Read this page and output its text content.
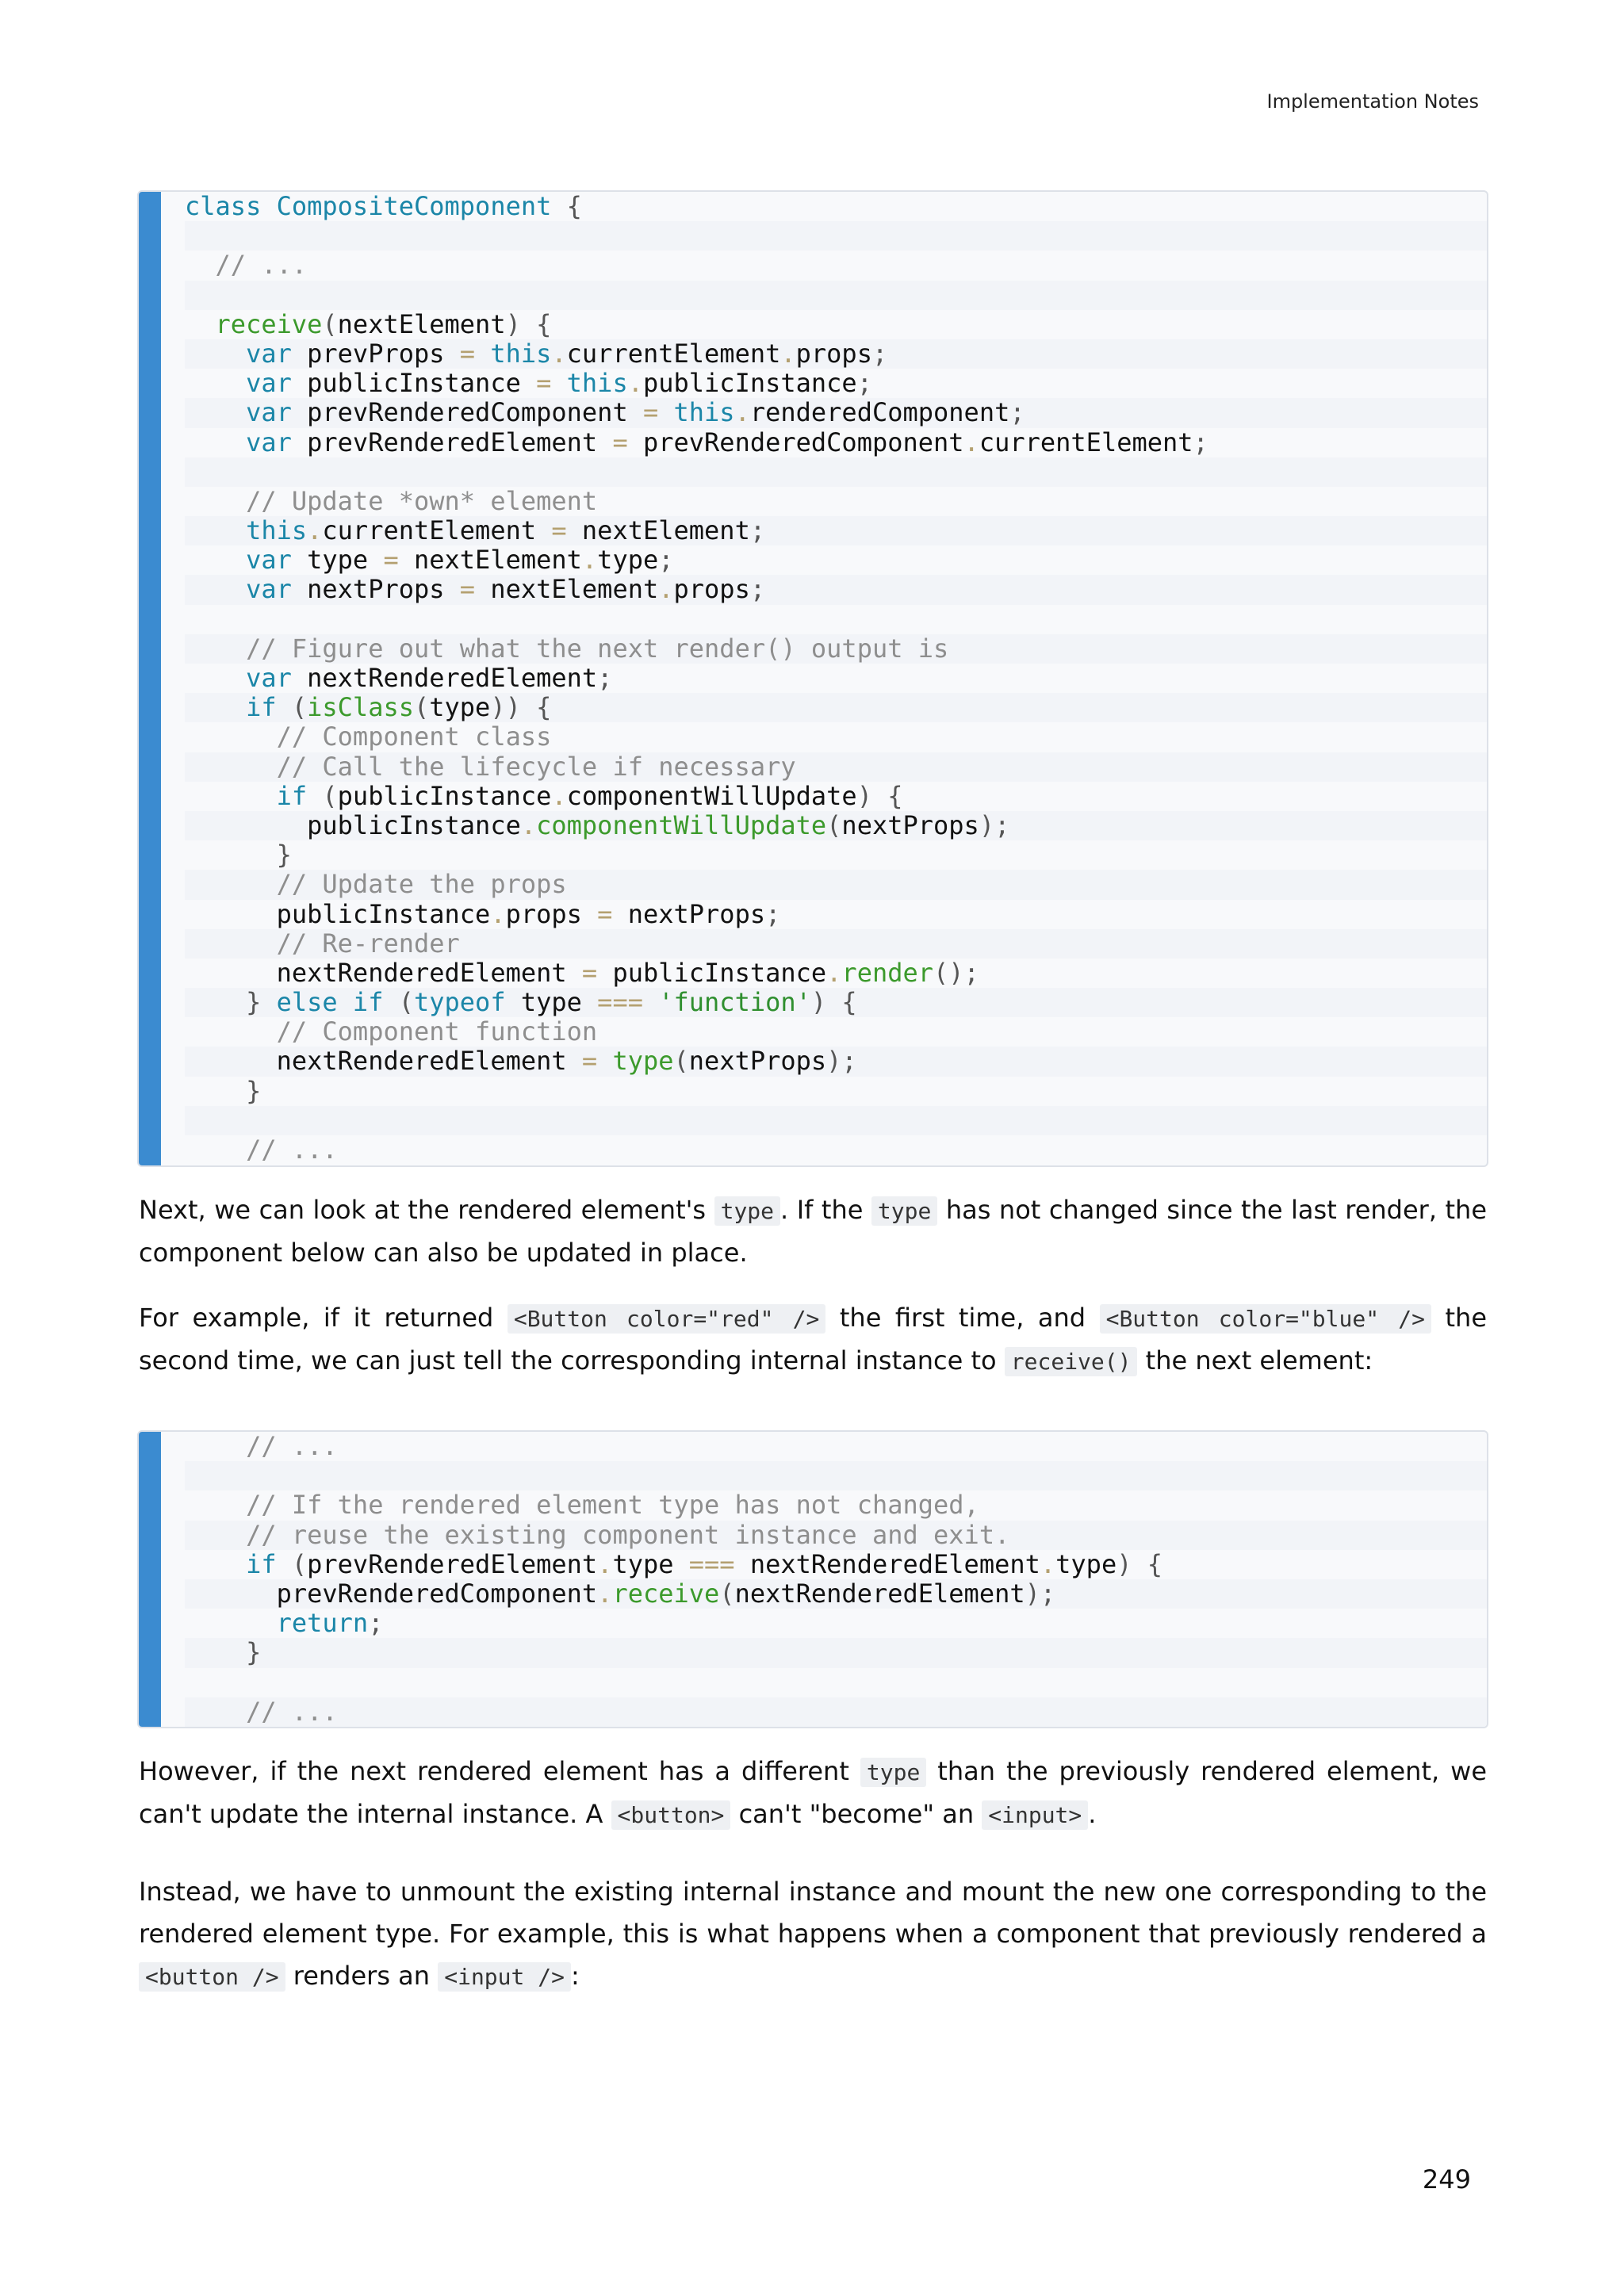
Implementation Notes

class CompositeComponent {

// ...

receive(nextElement) {
var prevProps = this.currentElement.props;
var publicInstance = this.publicInstance;
var prevRenderedComponent = this.renderedComponent;
var prevRenderedElement = prevRenderedComponent.currentElement;

// Update *own* element
this.currentElement = nextElement;
var type = nextElement.type;
var nextProps = nextElement.props;

// Figure out what the next render() output is
var nextRenderedElement;
if (isClass(type)) {
// Component class
// Call the lifecycle if necessary
if (publicInstance.componentWillUpdate) {
publicInstance.componentWillUpdate(nextProps);
}
// Update the props
publicInstance.props = nextProps;
// Re-render
nextRenderedElement = publicInstance.render();
} else if (typeof type === 'function') {
// Component function
nextRenderedElement = type(nextProps);
}

// ...

Next, we can look at the rendered element's type . If the type has not changed since the last render, the component below can also be updated in place.

For example, if it returned <Button color="red" /> the first time, and <Button color="blue" /> the second time, we can just tell the corresponding internal instance to receive() the next element:

// ...

// If the rendered element type has not changed,
// reuse the existing component instance and exit.
if (prevRenderedElement.type === nextRenderedElement.type) {
prevRenderedComponent.receive(nextRenderedElement);
return;
}

// ...

However, if the next rendered element has a different type than the previously rendered element, we can't update the internal instance. A <button> can't "become" an <input> .

Instead, we have to unmount the existing internal instance and mount the new one corresponding to the rendered element type. For example, this is what happens when a component that previously rendered a <button /> renders an <input /> :

249
